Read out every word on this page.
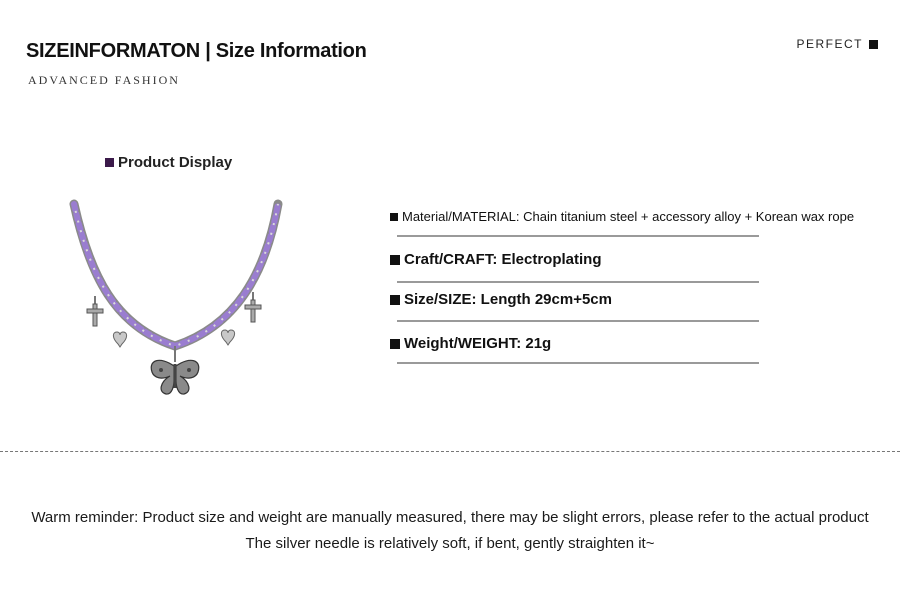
SIZEINFORMATON | Size Information
ADVANCED FASHION
PERFECT
Product Display
Material/MATERIAL: Chain titanium steel + accessory alloy + Korean wax rope
Craft/CRAFT: Electroplating
Size/SIZE: Length 29cm+5cm
Weight/WEIGHT: 21g
Warm reminder: Product size and weight are manually measured, there may be slight errors, please refer to the actual product
The silver needle is relatively soft, if bent, gently straighten it~
